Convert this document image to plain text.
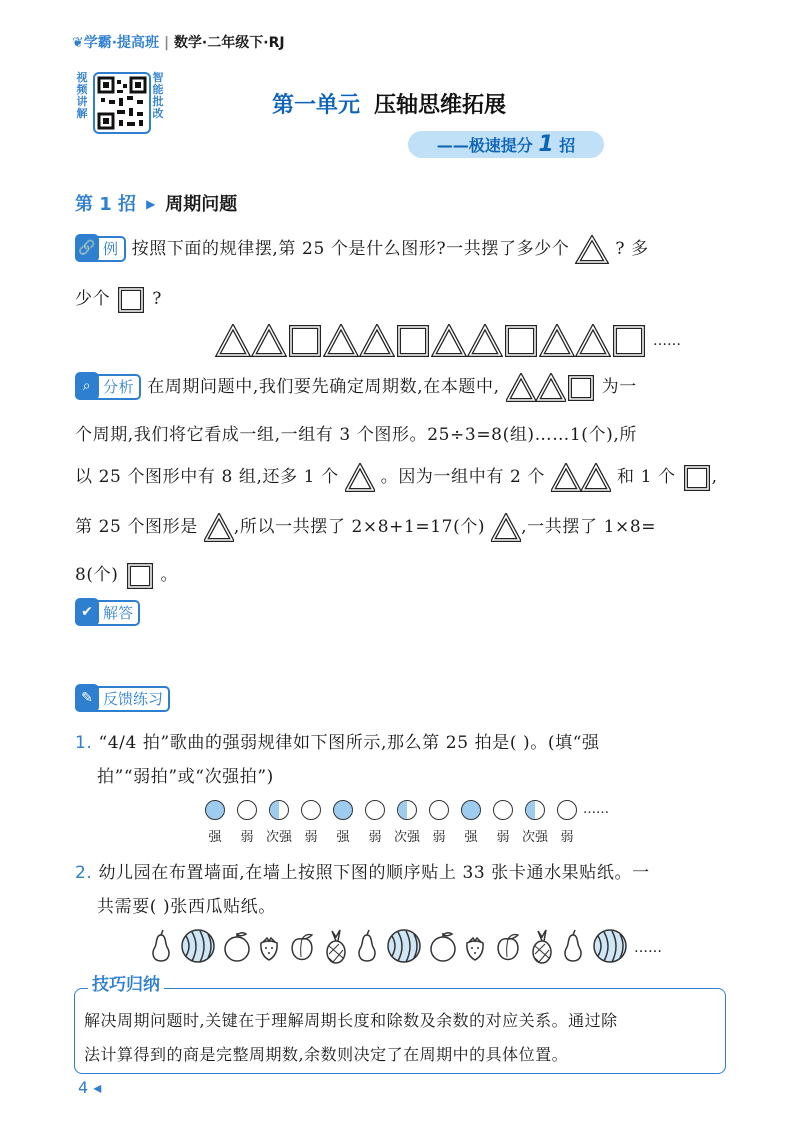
❦学霸·提高班 | 数学·二年级下·RJ
视频讲解
智能批改	第一单元 压轴思维拓展
——极速提分 1 招
第 1 招 ▶ 周期问题
🔗 例 按照下面的规律摆,第 25 个是什么图形?一共摆了多少个	? 多
少个 ?
……
⌕ 分析 在周期问题中,我们要先确定周期数,在本题中,	为一
个周期,我们将它看成一组,一组有 3 个图形。25÷3=8(组)……1(个),所
以 25 个图形中有 8 组,还多 1 个 。因为一组中有 2 个	和 1 个 ,
第 25 个图形是 ,所以一共摆了 2×8+1=17(个) ,一共摆了 1×8=
8(个) 。
✔ 解答
✎ 反馈练习
1. “4/4 拍”歌曲的强弱规律如下图所示,那么第 25 拍是( )。(填“强
拍”“弱拍”或“次强拍”)
强 弱 次强 弱 强 弱 次强 弱 强 弱 次强 弱
……
2. 幼儿园在布置墙面,在墙上按照下图的顺序贴上 33 张卡通水果贴纸。一
共需要( )张西瓜贴纸。
……
技巧归纳
解决周期问题时,关键在于理解周期长度和除数及余数的对应关系。通过除
法计算得到的商是完整周期数,余数则决定了在周期中的具体位置。
4 ◂
